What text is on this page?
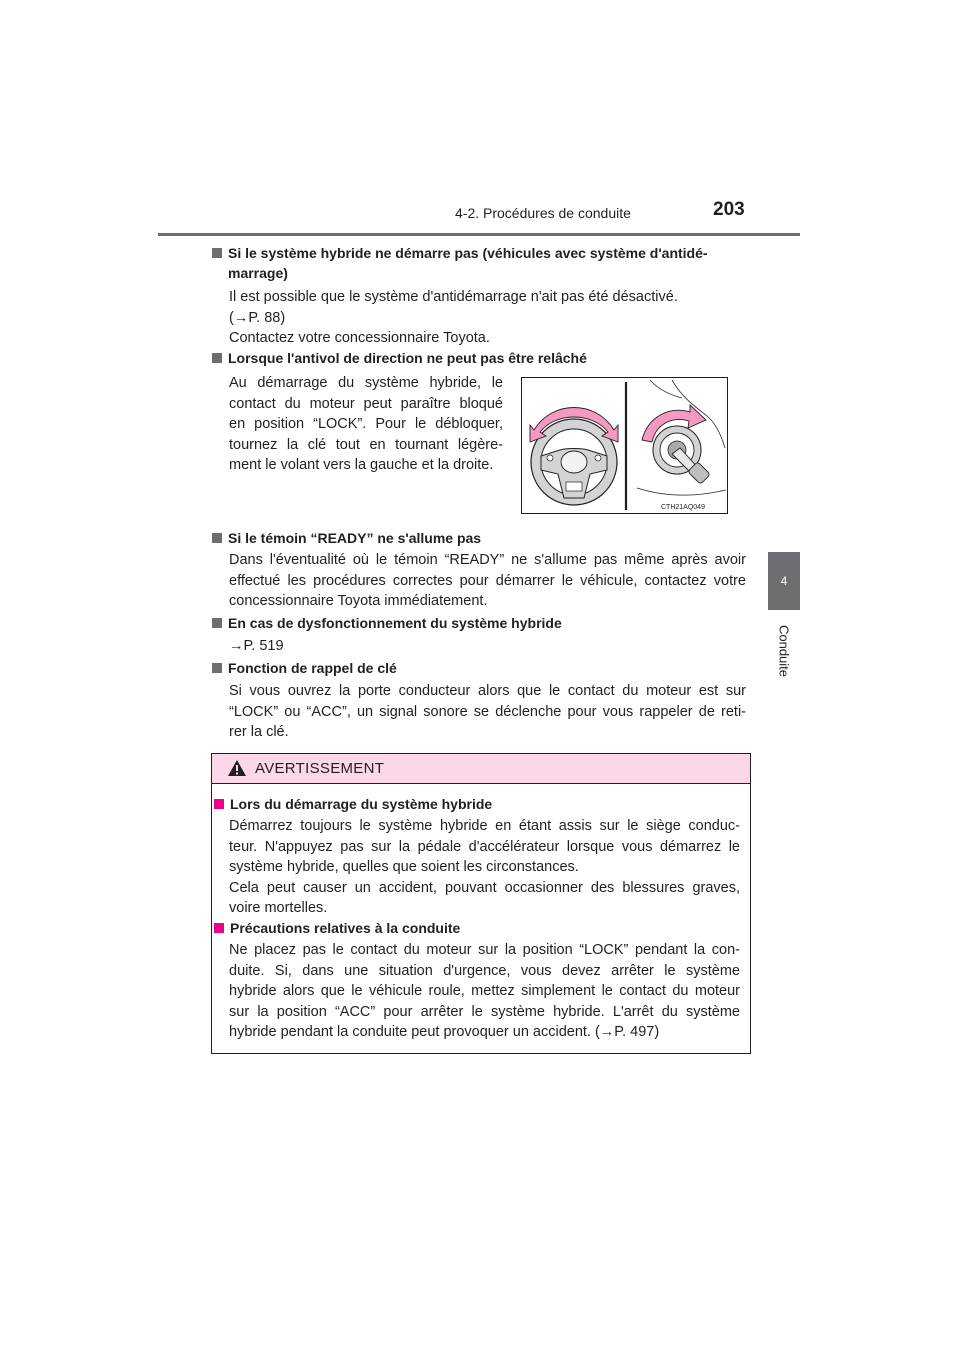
4-2. Procédures de conduite	203
4
Conduite
Si le système hybride ne démarre pas (véhicules avec système d'antidé-
marrage)
Il est possible que le système d'antidémarrage n'ait pas été désactivé.
(→P. 88)
Contactez votre concessionnaire Toyota.
Lorsque l'antivol de direction ne peut pas être relâché
Au démarrage du système hybride, le
contact du moteur peut paraître bloqué
en position “LOCK”. Pour le débloquer,
tournez la clé tout en tournant légère-
ment le volant vers la gauche et la droite.
CTH21AQ049
Si le témoin “READY” ne s'allume pas
Dans l'éventualité où le témoin “READY” ne s'allume pas même après avoir
effectué les procédures correctes pour démarrer le véhicule, contactez votre
concessionnaire Toyota immédiatement.
En cas de dysfonctionnement du système hybride
→P. 519
Fonction de rappel de clé
Si vous ouvrez la porte conducteur alors que le contact du moteur est sur
“LOCK” ou “ACC”, un signal sonore se déclenche pour vous rappeler de reti-
rer la clé.
AVERTISSEMENT
Lors du démarrage du système hybride
Démarrez toujours le système hybride en étant assis sur le siège conduc-
teur. N'appuyez pas sur la pédale d'accélérateur lorsque vous démarrez le
système hybride, quelles que soient les circonstances.
Cela peut causer un accident, pouvant occasionner des blessures graves,
voire mortelles.
Précautions relatives à la conduite
Ne placez pas le contact du moteur sur la position “LOCK” pendant la con-
duite. Si, dans une situation d'urgence, vous devez arrêter le système
hybride alors que le véhicule roule, mettez simplement le contact du moteur
sur la position “ACC” pour arrêter le système hybride. L'arrêt du système
hybride pendant la conduite peut provoquer un accident. (→P. 497)
